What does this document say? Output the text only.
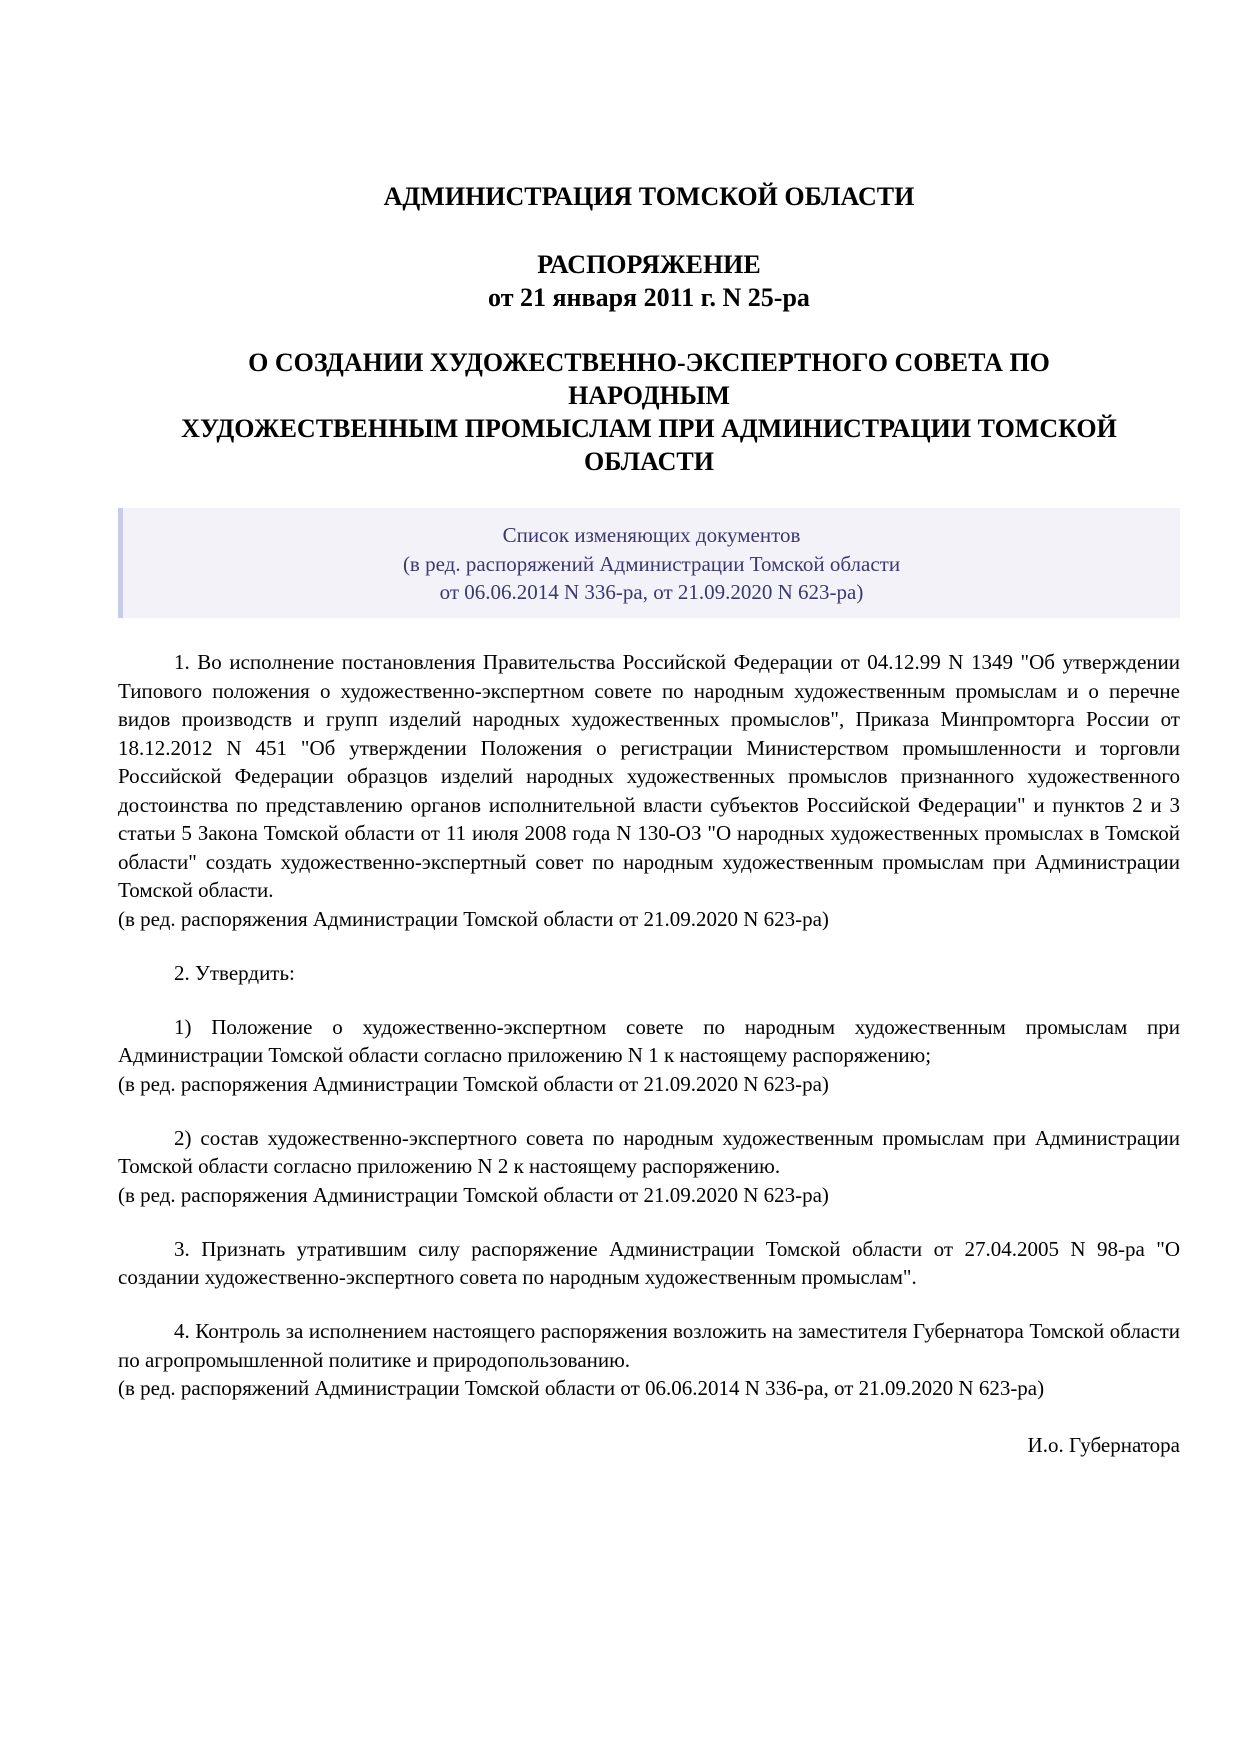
АДМИНИСТРАЦИЯ ТОМСКОЙ ОБЛАСТИ

РАСПОРЯЖЕНИЕ

от 21 января 2011 г. N 25-ра

О СОЗДАНИИ ХУДОЖЕСТВЕННО-ЭКСПЕРТНОГО СОВЕТА ПО

НАРОДНЫМ

ХУДОЖЕСТВЕННЫМ ПРОМЫСЛАМ ПРИ АДМИНИСТРАЦИИ ТОМСКОЙ

ОБЛАСТИ

Список изменяющих документов
(в ред. распоряжений Администрации Томской области
от 06.06.2014 N 336-ра, от 21.09.2020 N 623-ра)

1. Во исполнение постановления Правительства Российской Федерации от 04.12.99 N 1349 "Об утверждении Типового положения о художественно-экспертном совете по народным художественным промыслам и о перечне видов производств и групп изделий народных художественных промыслов", Приказа Минпромторга России от 18.12.2012 N 451 "Об утверждении Положения о регистрации Министерством промышленности и торговли Российской Федерации образцов изделий народных художественных промыслов признанного художественного достоинства по представлению органов исполнительной власти субъектов Российской Федерации" и пунктов 2 и 3 статьи 5 Закона Томской области от 11 июля 2008 года N 130-ОЗ "О народных художественных промыслах в Томской области" создать художественно-экспертный совет по народным художественным промыслам при Администрации Томской области.

(в ред. распоряжения Администрации Томской области от 21.09.2020 N 623-ра)

2. Утвердить:

1) Положение о художественно-экспертном совете по народным художественным промыслам при Администрации Томской области согласно приложению N 1 к настоящему распоряжению;

(в ред. распоряжения Администрации Томской области от 21.09.2020 N 623-ра)

2) состав художественно-экспертного совета по народным художественным промыслам при Администрации Томской области согласно приложению N 2 к настоящему распоряжению.

(в ред. распоряжения Администрации Томской области от 21.09.2020 N 623-ра)

3. Признать утратившим силу распоряжение Администрации Томской области от 27.04.2005 N 98-ра "О создании художественно-экспертного совета по народным художественным промыслам".

4. Контроль за исполнением настоящего распоряжения возложить на заместителя Губернатора Томской области по агропромышленной политике и природопользованию.

(в ред. распоряжений Администрации Томской области от 06.06.2014 N 336-ра, от 21.09.2020 N 623-ра)

И.о. Губернатора
